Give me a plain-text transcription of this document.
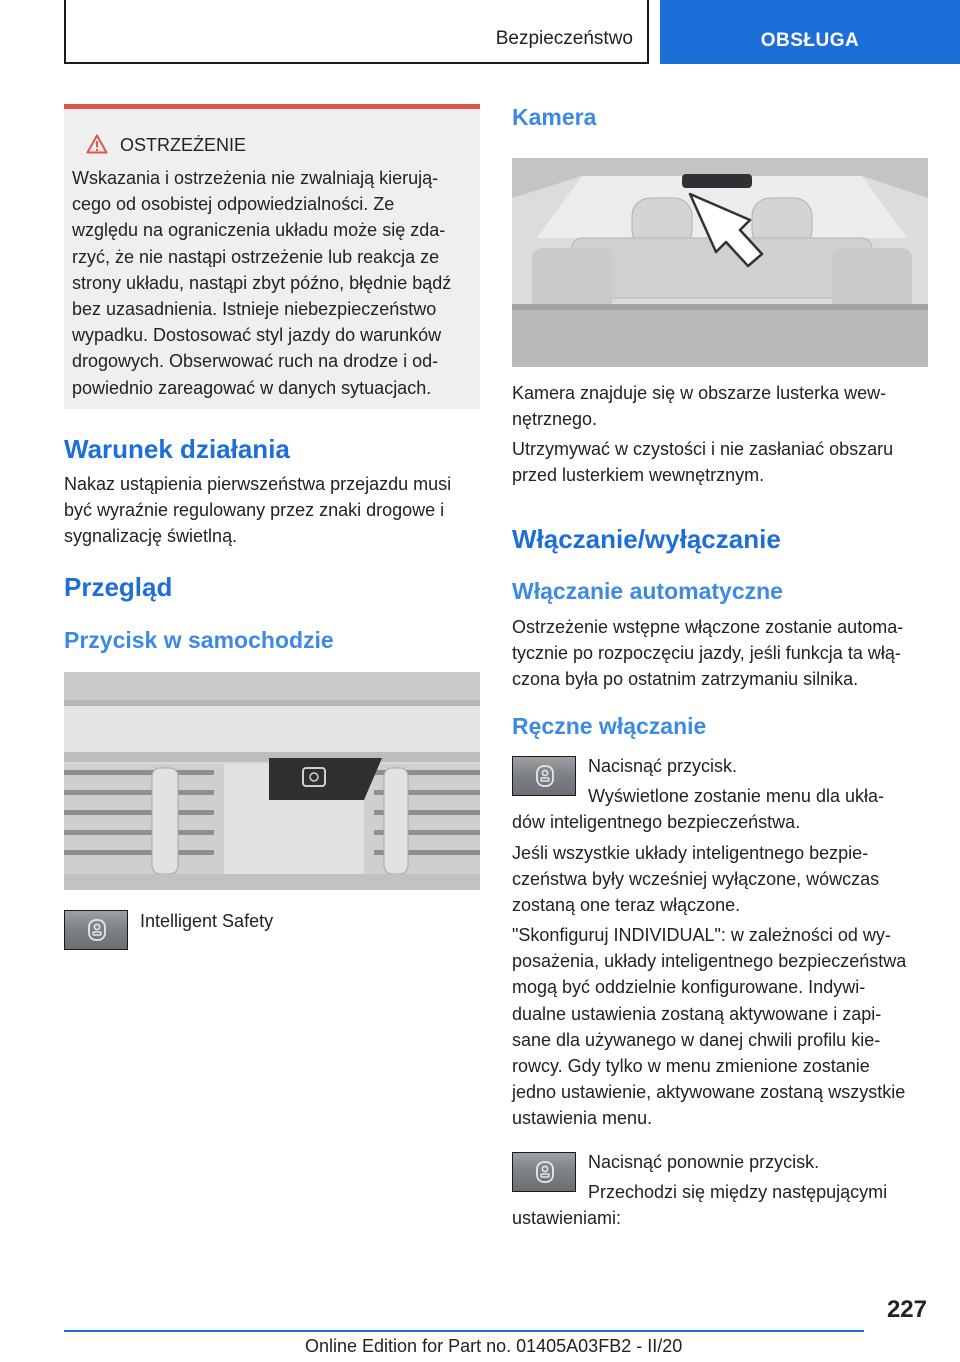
Bezpieczeństwo	OBSŁUGA
OSTRZEŻENIE
Wskazania i ostrzeżenia nie zwalniają kierują-
cego od osobistej odpowiedzialności. Ze
względu na ograniczenia układu może się zda-
rzyć, że nie nastąpi ostrzeżenie lub reakcja ze
strony układu, nastąpi zbyt późno, błędnie bądź
bez uzasadnienia. Istnieje niebezpieczeństwo
wypadku. Dostosować styl jazdy do warunków
drogowych. Obserwować ruch na drodze i od-
powiednio zareagować w danych sytuacjach.
Warunek działania
Nakaz ustąpienia pierwszeństwa przejazdu musi
być wyraźnie regulowany przez znaki drogowe i
sygnalizację świetlną.
Przegląd
Przycisk w samochodzie
Intelligent Safety
Kamera
Kamera znajduje się w obszarze lusterka wew-
nętrznego.
Utrzymywać w czystości i nie zasłaniać obszaru
przed lusterkiem wewnętrznym.
Włączanie/wyłączanie
Włączanie automatyczne
Ostrzeżenie wstępne włączone zostanie automa-
tycznie po rozpoczęciu jazdy, jeśli funkcja ta włą-
czona była po ostatnim zatrzymaniu silnika.
Ręczne włączanie
Nacisnąć przycisk.
Wyświetlone zostanie menu dla ukła-
dów inteligentnego bezpieczeństwa.
Jeśli wszystkie układy inteligentnego bezpie-
czeństwa były wcześniej wyłączone, wówczas
zostaną one teraz włączone.
"Skonfiguruj INDIVIDUAL": w zależności od wy-
posażenia, układy inteligentnego bezpieczeństwa
mogą być oddzielnie konfigurowane. Indywi-
dualne ustawienia zostaną aktywowane i zapi-
sane dla używanego w danej chwili profilu kie-
rowcy. Gdy tylko w menu zmienione zostanie
jedno ustawienie, aktywowane zostaną wszystkie
ustawienia menu.
Nacisnąć ponownie przycisk.
Przechodzi się między następującymi
ustawieniami:
227
Online Edition for Part no. 01405A03FB2 - II/20
